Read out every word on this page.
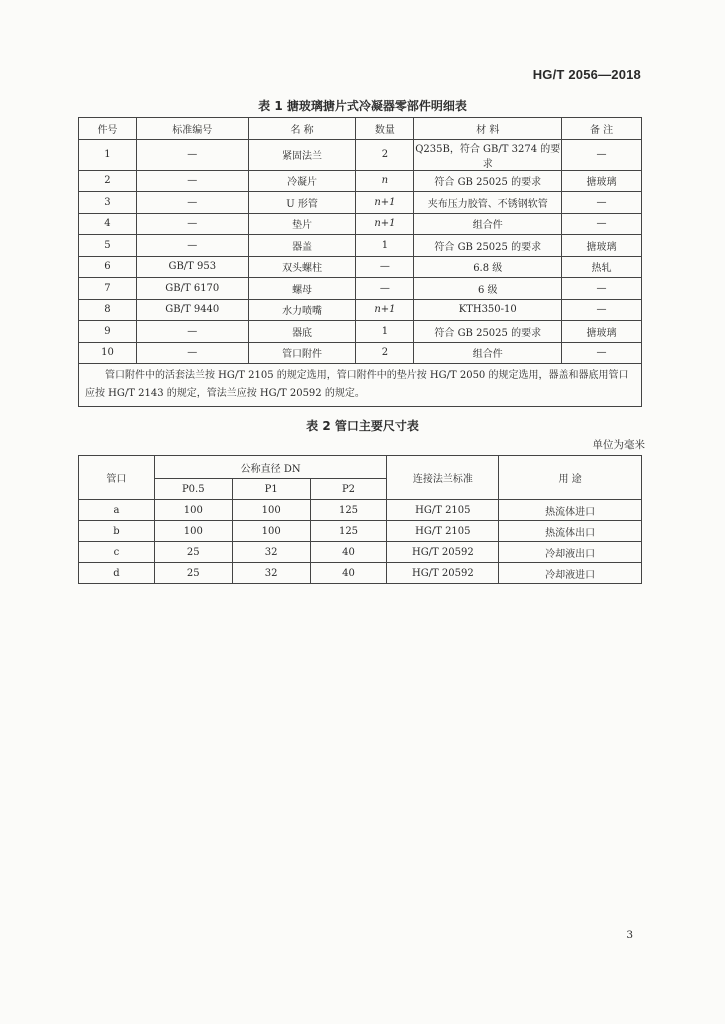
HG/T 2056—2018
表 1 搪玻璃搪片式冷凝器零部件明细表
件号	标准编号	名 称	数量	材 料	备 注
1	—	紧固法兰	2	Q235B，符合 GB/T 3274 的要求	—
2	—	冷凝片	n	符合 GB 25025 的要求	搪玻璃
3	—	U 形管	n+1	夹布压力胶管、不锈钢软管	—
4	—	垫片	n+1	组合件	—
5	—	器盖	1	符合 GB 25025 的要求	搪玻璃
6	GB/T 953	双头螺柱	—	6.8 级	热轧
7	GB/T 6170	螺母	—	6 级	—
8	GB/T 9440	水力喷嘴	n+1	KTH350-10	—
9	—	器底	1	符合 GB 25025 的要求	搪玻璃
10	—	管口附件	2	组合件	—
管口附件中的活套法兰按 HG/T 2105 的规定选用，管口附件中的垫片按 HG/T 2050 的规定选用，器盖和器底用管口应按 HG/T 2143 的规定，管法兰应按 HG/T 20592 的规定。					
表 2 管口主要尺寸表
单位为毫米
管口	公称直径 DN			连接法兰标准	用 途
	P0.5	P1	P2		
a	100	100	125	HG/T 2105	热流体进口
b	100	100	125	HG/T 2105	热流体出口
c	25	32	40	HG/T 20592	冷却液出口
d	25	32	40	HG/T 20592	冷却液进口
3
